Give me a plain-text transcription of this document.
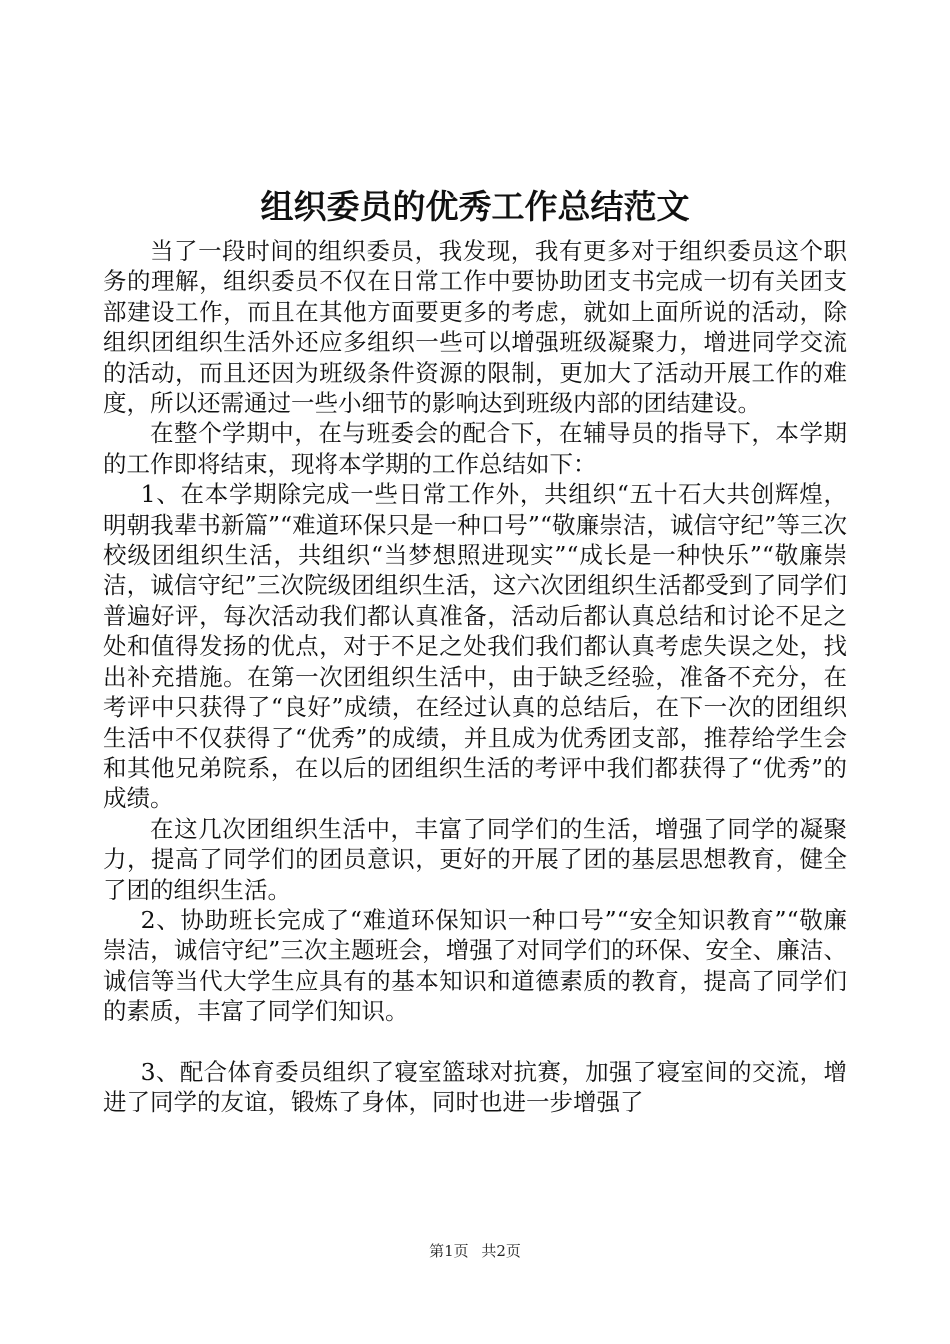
组织委员的优秀工作总结范文

当了一段时间的组织委员，我发现，我有更多对于组织委员这个职务的理解，组织委员不仅在日常工作中要协助团支书完成一切有关团支部建设工作，而且在其他方面要更多的考虑，就如上面所说的活动，除组织团组织生活外还应多组织一些可以增强班级凝聚力，增进同学交流的活动，而且还因为班级条件资源的限制，更加大了活动开展工作的难度，所以还需通过一些小细节的影响达到班级内部的团结建设。

在整个学期中，在与班委会的配合下，在辅导员的指导下，本学期的工作即将结束，现将本学期的工作总结如下：

1、在本学期除完成一些日常工作外，共组织“五十石大共创辉煌，明朝我辈书新篇”“难道环保只是一种口号”“敬廉崇洁，诚信守纪”等三次校级团组织生活，共组织“当梦想照进现实”“成长是一种快乐”“敬廉崇洁，诚信守纪”三次院级团组织生活，这六次团组织生活都受到了同学们普遍好评，每次活动我们都认真准备，活动后都认真总结和讨论不足之处和值得发扬的优点，对于不足之处我们我们都认真考虑失误之处，找出补充措施。在第一次团组织生活中，由于缺乏经验，准备不充分，在考评中只获得了“良好”成绩，在经过认真的总结后，在下一次的团组织生活中不仅获得了“优秀”的成绩，并且成为优秀团支部，推荐给学生会和其他兄弟院系，在以后的团组织生活的考评中我们都获得了“优秀”的成绩。

在这几次团组织生活中，丰富了同学们的生活，增强了同学的凝聚力，提高了同学们的团员意识，更好的开展了团的基层思想教育，健全了团的组织生活。

2、协助班长完成了“难道环保知识一种口号”“安全知识教育”“敬廉崇洁，诚信守纪”三次主题班会，增强了对同学们的环保、安全、廉洁、诚信等当代大学生应具有的基本知识和道德素质的教育，提高了同学们的素质，丰富了同学们知识。

3、配合体育委员组织了寝室篮球对抗赛，加强了寝室间的交流，增进了同学的友谊，锻炼了身体，同时也进一步增强了

第1页 共2页
